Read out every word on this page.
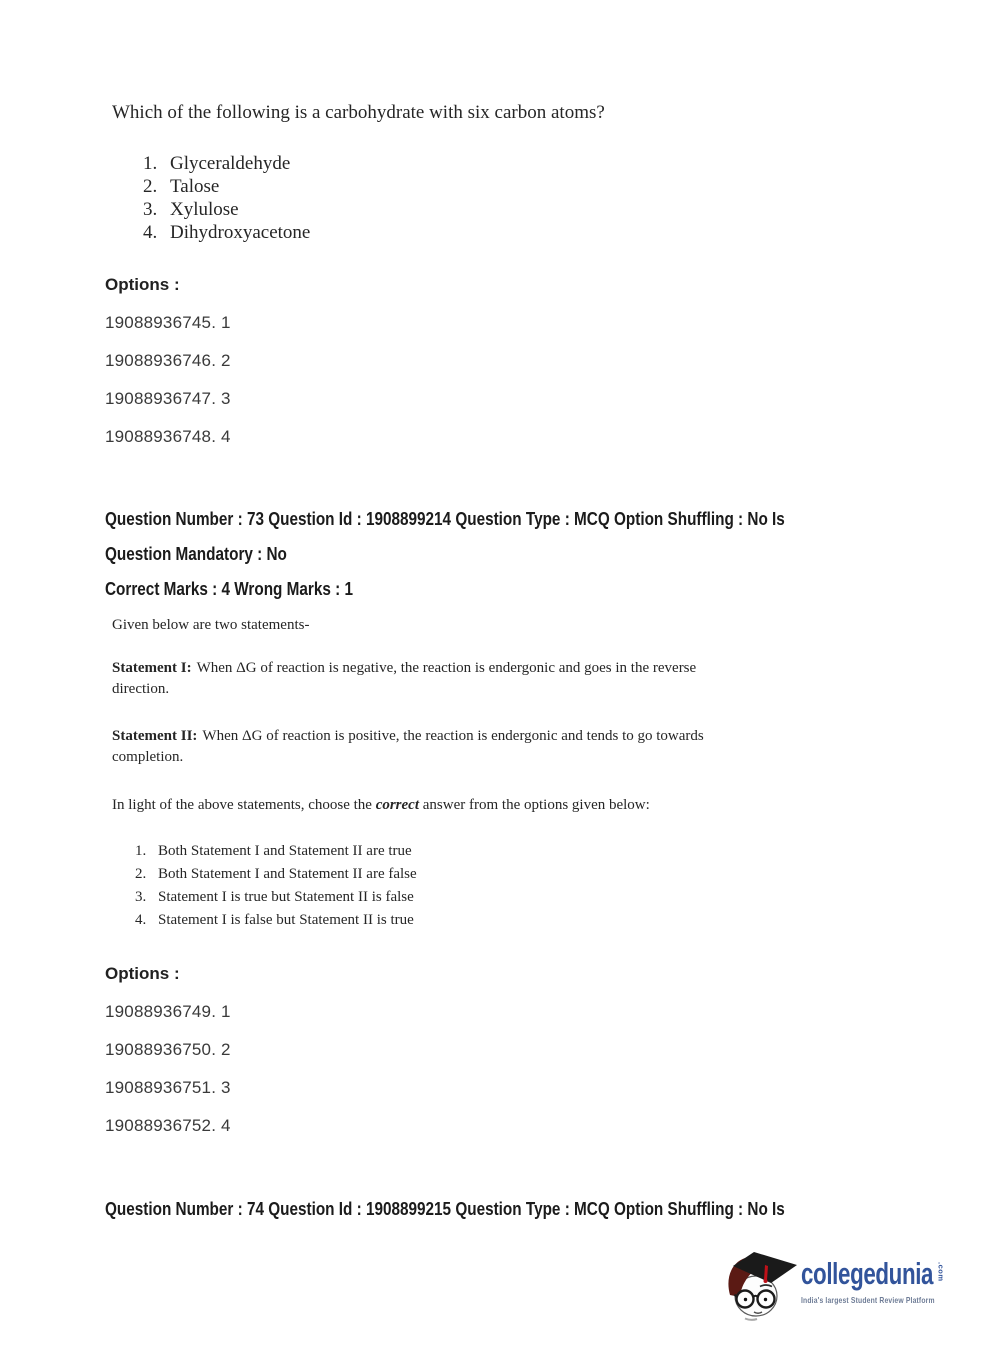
Which of the following is a carbohydrate with six carbon atoms?

1. Glyceraldehyde
2. Talose
3. Xylulose
4. Dihydroxyacetone

Options :

19088936745. 1

19088936746. 2

19088936747. 3

19088936748. 4

Question Number : 73 Question Id : 1908899214 Question Type : MCQ Option Shuffling : No Is
Question Mandatory : No
Correct Marks : 4 Wrong Marks : 1

Given below are two statements-

Statement I: When ΔG of reaction is negative, the reaction is endergonic and goes in the reverse direction.

Statement II: When ΔG of reaction is positive, the reaction is endergonic and tends to go towards completion.

In light of the above statements, choose the correct answer from the options given below:

1. Both Statement I and Statement II are true
2. Both Statement I and Statement II are false
3. Statement I is true but Statement II is false
4. Statement I is false but Statement II is true

Options :

19088936749. 1

19088936750. 2

19088936751. 3

19088936752. 4

Question Number : 74 Question Id : 1908899215 Question Type : MCQ Option Shuffling : No Is
collegedunia .com
India's largest Student Review Platform
